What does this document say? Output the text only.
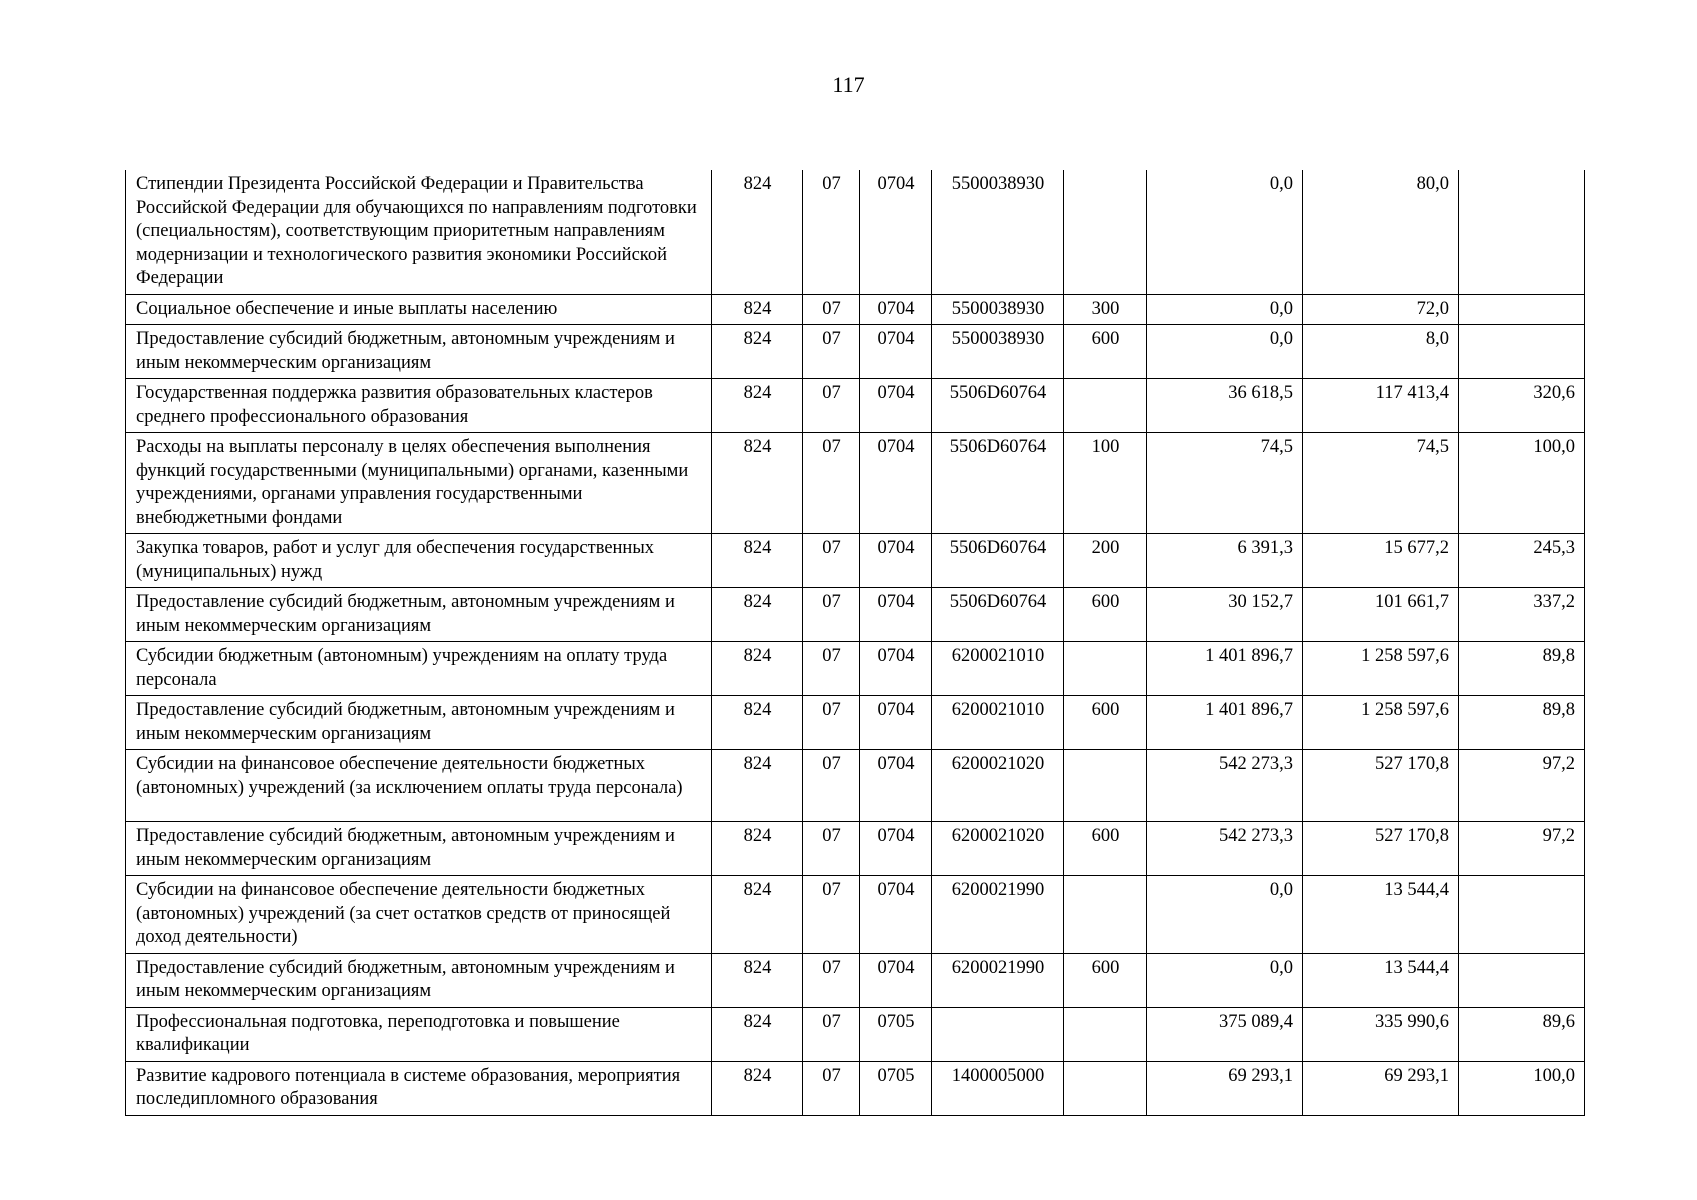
117
Стипендии Президента Российской Федерации и Правительства Российской Федерации для обучающихся по направлениям подготовки (специальностям), соответствующим приоритетным направлениям модернизации и технологического развития экономики Российской Федерации	824	07	0704	5500038930		0,0	80,0	
Социальное обеспечение и иные выплаты населению	824	07	0704	5500038930	300	0,0	72,0	
Предоставление субсидий бюджетным, автономным учреждениям и иным некоммерческим организациям	824	07	0704	5500038930	600	0,0	8,0	
Государственная поддержка развития образовательных кластеров среднего профессионального образования	824	07	0704	5506D60764		36 618,5	117 413,4	320,6
Расходы на выплаты персоналу в целях обеспечения выполнения функций государственными (муниципальными) органами, казенными учреждениями, органами управления государственными внебюджетными фондами	824	07	0704	5506D60764	100	74,5	74,5	100,0
Закупка товаров, работ и услуг для обеспечения государственных (муниципальных) нужд	824	07	0704	5506D60764	200	6 391,3	15 677,2	245,3
Предоставление субсидий бюджетным, автономным учреждениям и иным некоммерческим организациям	824	07	0704	5506D60764	600	30 152,7	101 661,7	337,2
Субсидии бюджетным (автономным) учреждениям на оплату труда персонала	824	07	0704	6200021010		1 401 896,7	1 258 597,6	89,8
Предоставление субсидий бюджетным, автономным учреждениям и иным некоммерческим организациям	824	07	0704	6200021010	600	1 401 896,7	1 258 597,6	89,8
Субсидии на финансовое обеспечение деятельности бюджетных (автономных) учреждений (за исключением оплаты труда персонала)	824	07	0704	6200021020		542 273,3	527 170,8	97,2
Предоставление субсидий бюджетным, автономным учреждениям и иным некоммерческим организациям	824	07	0704	6200021020	600	542 273,3	527 170,8	97,2
Субсидии на финансовое обеспечение деятельности бюджетных (автономных) учреждений (за счет остатков средств от приносящей доход деятельности)	824	07	0704	6200021990		0,0	13 544,4	
Предоставление субсидий бюджетным, автономным учреждениям и иным некоммерческим организациям	824	07	0704	6200021990	600	0,0	13 544,4	
Профессиональная подготовка, переподготовка и повышение квалификации	824	07	0705			375 089,4	335 990,6	89,6
Развитие кадрового потенциала в системе образования, мероприятия последипломного образования	824	07	0705	1400005000		69 293,1	69 293,1	100,0
